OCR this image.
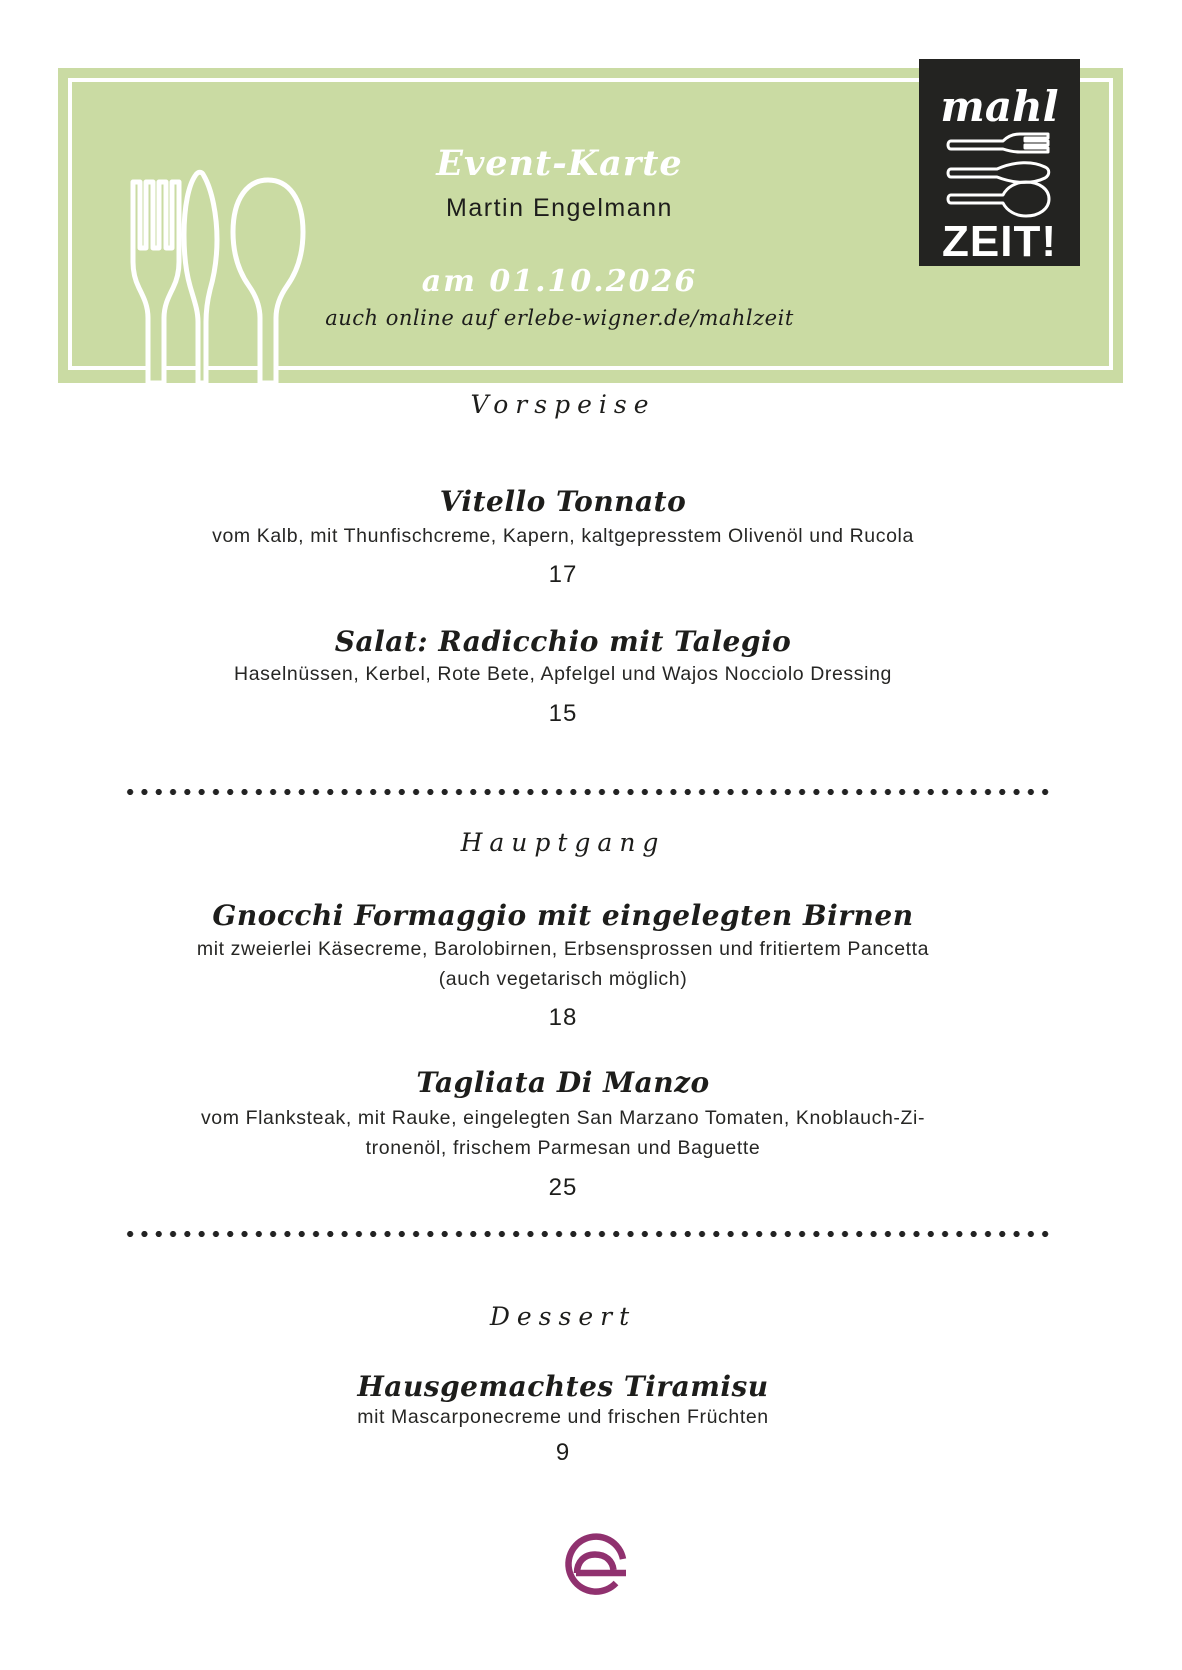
Event-Karte
Martin Engelmann
am 01.10.2026
auch online auf erlebe-wigner.de/mahlzeit
mahl
ZEIT!
Vorspeise
Vitello Tonnato
vom Kalb, mit Thunfischcreme, Kapern, kaltgepresstem Olivenöl und Rucola
17
Salat: Radicchio mit Talegio
Haselnüssen, Kerbel, Rote Bete, Apfelgel und Wajos Nocciolo Dressing
15
Hauptgang
Gnocchi Formaggio mit eingelegten Birnen
mit zweierlei Käsecreme, Barolobirnen, Erbsensprossen und fritiertem Pancetta
(auch vegetarisch möglich)
18
Tagliata Di Manzo
vom Flanksteak, mit Rauke, eingelegten San Marzano Tomaten, Knoblauch-Zi-
tronenöl, frischem Parmesan und Baguette
25
Dessert
Hausgemachtes Tiramisu
mit Mascarponecreme und frischen Früchten
9
